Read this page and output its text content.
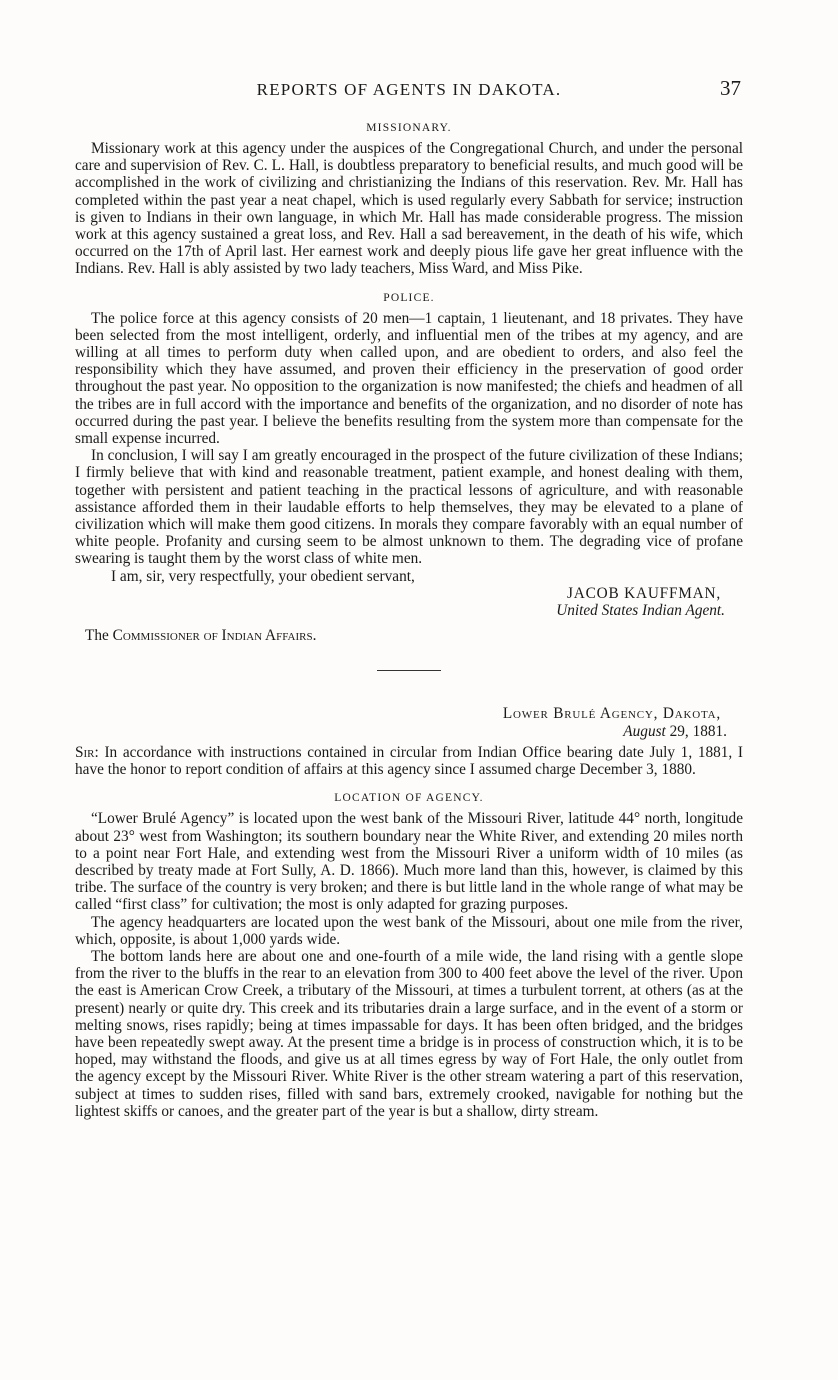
REPORTS OF AGENTS IN DAKOTA.	37
MISSIONARY.

Missionary work at this agency under the auspices of the Congregational Church, and under the personal care and supervision of Rev. C. L. Hall, is doubtless preparatory to beneficial results, and much good will be accomplished in the work of civilizing and christianizing the Indians of this reservation. Rev. Mr. Hall has completed within the past year a neat chapel, which is used regularly every Sabbath for service; instruction is given to Indians in their own language, in which Mr. Hall has made considerable progress. The mission work at this agency sustained a great loss, and Rev. Hall a sad bereavement, in the death of his wife, which occurred on the 17th of April last. Her earnest work and deeply pious life gave her great influence with the Indians. Rev. Hall is ably assisted by two lady teachers, Miss Ward, and Miss Pike.

POLICE.

The police force at this agency consists of 20 men—1 captain, 1 lieutenant, and 18 privates. They have been selected from the most intelligent, orderly, and influential men of the tribes at my agency, and are willing at all times to perform duty when called upon, and are obedient to orders, and also feel the responsibility which they have assumed, and proven their efficiency in the preservation of good order throughout the past year. No opposition to the organization is now manifested; the chiefs and headmen of all the tribes are in full accord with the importance and benefits of the organization, and no disorder of note has occurred during the past year. I believe the benefits resulting from the system more than compensate for the small expense incurred.

In conclusion, I will say I am greatly encouraged in the prospect of the future civilization of these Indians; I firmly believe that with kind and reasonable treatment, patient example, and honest dealing with them, together with persistent and patient teaching in the practical lessons of agriculture, and with reasonable assistance afforded them in their laudable efforts to help themselves, they may be elevated to a plane of civilization which will make them good citizens. In morals they compare favorably with an equal number of white people. Profanity and cursing seem to be almost unknown to them. The degrading vice of profane swearing is taught them by the worst class of white men.

I am, sir, very respectfully, your obedient servant,

JACOB KAUFFMAN,
United States Indian Agent.

The Commissioner of Indian Affairs.

Lower Brulé Agency, Dakota,
August 29, 1881.

Sir: In accordance with instructions contained in circular from Indian Office bearing date July 1, 1881, I have the honor to report condition of affairs at this agency since I assumed charge December 3, 1880.

LOCATION OF AGENCY.

“Lower Brulé Agency” is located upon the west bank of the Missouri River, latitude 44° north, longitude about 23° west from Washington; its southern boundary near the White River, and extending 20 miles north to a point near Fort Hale, and extending west from the Missouri River a uniform width of 10 miles (as described by treaty made at Fort Sully, A. D. 1866). Much more land than this, however, is claimed by this tribe. The surface of the country is very broken; and there is but little land in the whole range of what may be called “first class” for cultivation; the most is only adapted for grazing purposes.

The agency headquarters are located upon the west bank of the Missouri, about one mile from the river, which, opposite, is about 1,000 yards wide.

The bottom lands here are about one and one-fourth of a mile wide, the land rising with a gentle slope from the river to the bluffs in the rear to an elevation from 300 to 400 feet above the level of the river. Upon the east is American Crow Creek, a tributary of the Missouri, at times a turbulent torrent, at others (as at the present) nearly or quite dry. This creek and its tributaries drain a large surface, and in the event of a storm or melting snows, rises rapidly; being at times impassable for days. It has been often bridged, and the bridges have been repeatedly swept away. At the present time a bridge is in process of construction which, it is to be hoped, may withstand the floods, and give us at all times egress by way of Fort Hale, the only outlet from the agency except by the Missouri River. White River is the other stream watering a part of this reservation, subject at times to sudden rises, filled with sand bars, extremely crooked, navigable for nothing but the lightest skiffs or canoes, and the greater part of the year is but a shallow, dirty stream.
